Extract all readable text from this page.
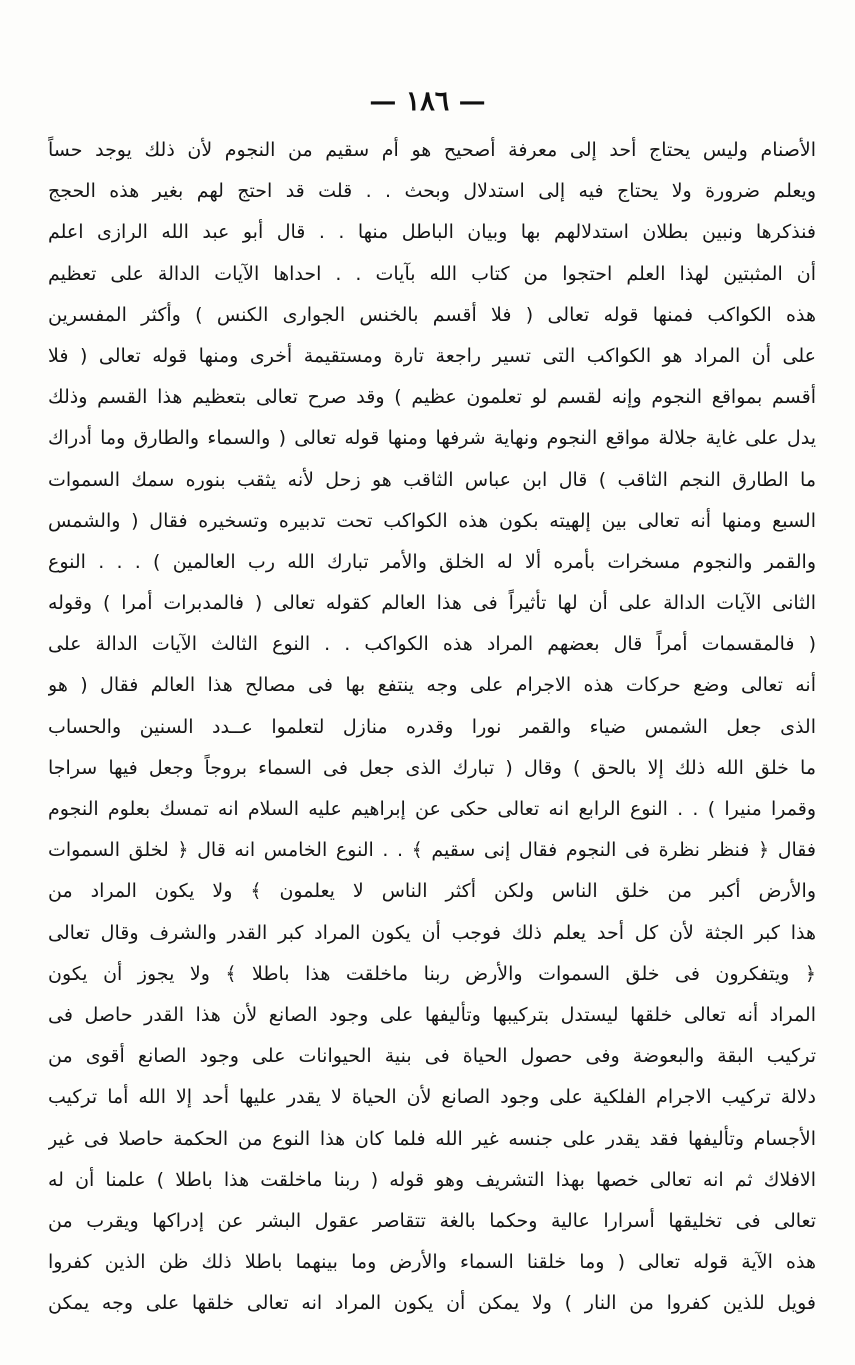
— ١٨٦ —
الأصنام وليس يحتاج أحد إلى معرفة أصحيح هو أم سقيم من النجوم لأن ذلك يوجد حساً
ويعلم ضرورة ولا يحتاج فيه إلى استدلال وبحث . . قلت قد احتج لهم بغير هذه الحجج
فنذكرها ونبين بطلان استدلالهم بها وبيان الباطل منها . . قال أبو عبد الله الرازى اعلم
أن المثبتين لهذا العلم احتجوا من كتاب الله بآيات . . احداها الآيات الدالة على تعظيم
هذه الكواكب فمنها قوله تعالى ( فلا أقسم بالخنس الجوارى الكنس ) وأكثر المفسرين
على أن المراد هو الكواكب التى تسير راجعة تارة ومستقيمة أخرى ومنها قوله تعالى ( فلا
أقسم بمواقع النجوم وإنه لقسم لو تعلمون عظيم ) وقد صرح تعالى بتعظيم هذا القسم وذلك
يدل على غاية جلالة مواقع النجوم ونهاية شرفها ومنها قوله تعالى ( والسماء والطارق وما أدراك
ما الطارق النجم الثاقب ) قال ابن عباس الثاقب هو زحل لأنه يثقب بنوره سمك السموات
السبع ومنها أنه تعالى بين إلهيته بكون هذه الكواكب تحت تدبيره وتسخيره فقال ( والشمس
والقمر والنجوم مسخرات بأمره ألا له الخلق والأمر تبارك الله رب العالمين ) . . . النوع
الثانى الآيات الدالة على أن لها تأثيراً فى هذا العالم كقوله تعالى ( فالمدبرات أمرا ) وقوله
( فالمقسمات أمراً قال بعضهم المراد هذه الكواكب . . النوع الثالث الآيات الدالة على
أنه تعالى وضع حركات هذه الاجرام على وجه ينتفع بها فى مصالح هذا العالم فقال ( هو
الذى جعل الشمس ضياء والقمر نورا وقدره منازل لتعلموا عــدد السنين والحساب
ما خلق الله ذلك إلا بالحق ) وقال ( تبارك الذى جعل فى السماء بروجاً وجعل فيها سراجا
وقمرا منيرا ) . . النوع الرابع انه تعالى حكى عن إبراهيم عليه السلام انه تمسك بعلوم النجوم
فقال ﴿ فنظر نظرة فى النجوم فقال إنى سقيم ﴾ . . النوع الخامس انه قال ﴿ لخلق السموات
والأرض أكبر من خلق الناس ولكن أكثر الناس لا يعلمون ﴾ ولا يكون المراد من
هذا كبر الجثة لأن كل أحد يعلم ذلك فوجب أن يكون المراد كبر القدر والشرف وقال تعالى
﴿ ويتفكرون فى خلق السموات والأرض ربنا ماخلقت هذا باطلا ﴾ ولا يجوز أن يكون
المراد أنه تعالى خلقها ليستدل بتركيبها وتأليفها على وجود الصانع لأن هذا القدر حاصل فى
تركيب البقة والبعوضة وفى حصول الحياة فى بنية الحيوانات على وجود الصانع أقوى من
دلالة تركيب الاجرام الفلكية على وجود الصانع لأن الحياة لا يقدر عليها أحد إلا الله أما تركيب
الأجسام وتأليفها فقد يقدر على جنسه غير الله فلما كان هذا النوع من الحكمة حاصلا فى غير
الافلاك ثم انه تعالى خصها بهذا التشريف وهو قوله ( ربنا ماخلقت هذا باطلا ) علمنا أن له
تعالى فى تخليقها أسرارا عالية وحكما بالغة تتقاصر عقول البشر عن إدراكها ويقرب من
هذه الآية قوله تعالى ( وما خلقنا السماء والأرض وما بينهما باطلا ذلك ظن الذين كفروا
فويل للذين كفروا من النار ) ولا يمكن أن يكون المراد انه تعالى خلقها على وجه يمكن
